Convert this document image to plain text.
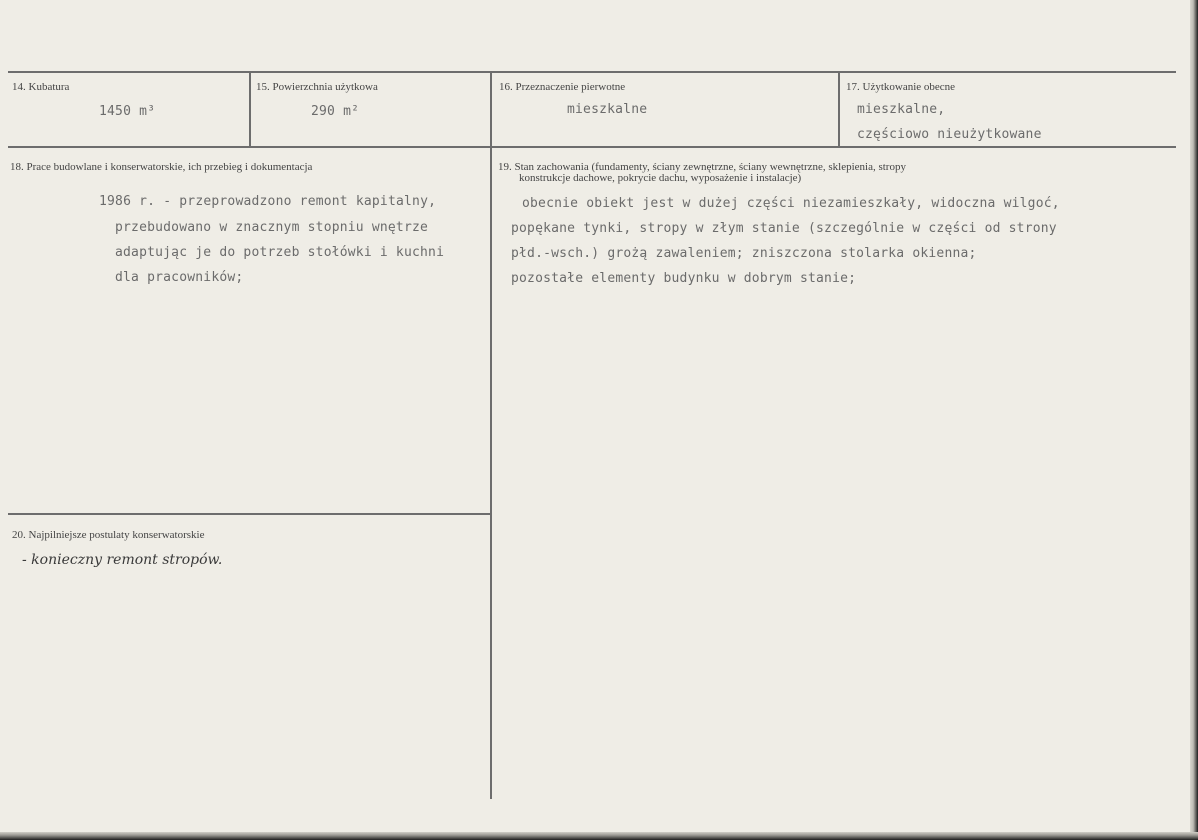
14. Kubatura
1450 m³
15. Powierzchnia użytkowa
290 m²
16. Przeznaczenie pierwotne
mieszkalne
17. Użytkowanie obecne
mieszkalne,
częściowo nieużytkowane
18. Prace budowlane i konserwatorskie, ich przebieg i dokumentacja
1986 r. - przeprowadzono remont kapitalny,
przebudowano w znacznym stopniu wnętrze
adaptując je do potrzeb stołówki i kuchni
dla pracowników;
19. Stan zachowania (fundamenty, ściany zewnętrzne, ściany wewnętrzne, sklepienia, stropy
konstrukcje dachowe, pokrycie dachu, wyposażenie i instalacje)
obecnie obiekt jest w dużej części niezamieszkały, widoczna wilgoć,
popękane tynki, stropy w złym stanie (szczególnie w części od strony
płd.-wsch.) grożą zawaleniem; zniszczona stolarka okienna;
pozostałe elementy budynku w dobrym stanie;
20. Najpilniejsze postulaty konserwatorskie
- konieczny remont stropów.
